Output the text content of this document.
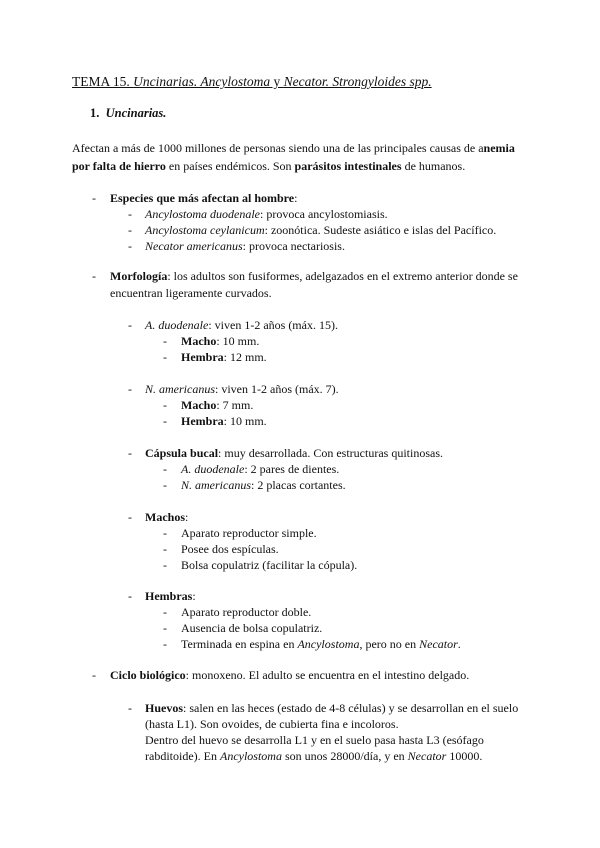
TEMA 15. Uncinarias. Ancylostoma y Necator. Strongyloides spp.
1. Uncinarias.
Afectan a más de 1000 millones de personas siendo una de las principales causas de anemia
por falta de hierro en países endémicos. Son parásitos intestinales de humanos.
- Especies que más afectan al hombre:
- Ancylostoma duodenale: provoca ancylostomiasis.
- Ancylostoma ceylanicum: zoonótica. Sudeste asiático e islas del Pacífico.
- Necator americanus: provoca nectariosis.
- Morfología: los adultos son fusiformes, adelgazados en el extremo anterior donde se
encuentran ligeramente curvados.
- A. duodenale: viven 1-2 años (máx. 15).
- Macho: 10 mm.
- Hembra: 12 mm.
- N. americanus: viven 1-2 años (máx. 7).
- Macho: 7 mm.
- Hembra: 10 mm.
- Cápsula bucal: muy desarrollada. Con estructuras quitinosas.
- A. duodenale: 2 pares de dientes.
- N. americanus: 2 placas cortantes.
- Machos:
- Aparato reproductor simple.
- Posee dos espículas.
- Bolsa copulatriz (facilitar la cópula).
- Hembras:
- Aparato reproductor doble.
- Ausencia de bolsa copulatriz.
- Terminada en espina en Ancylostoma, pero no en Necator.
- Ciclo biológico: monoxeno. El adulto se encuentra en el intestino delgado.
- Huevos: salen en las heces (estado de 4-8 células) y se desarrollan en el suelo
(hasta L1). Son ovoides, de cubierta fina e incoloros.
Dentro del huevo se desarrolla L1 y en el suelo pasa hasta L3 (esófago
rabditoide). En Ancylostoma son unos 28000/día, y en Necator 10000.
